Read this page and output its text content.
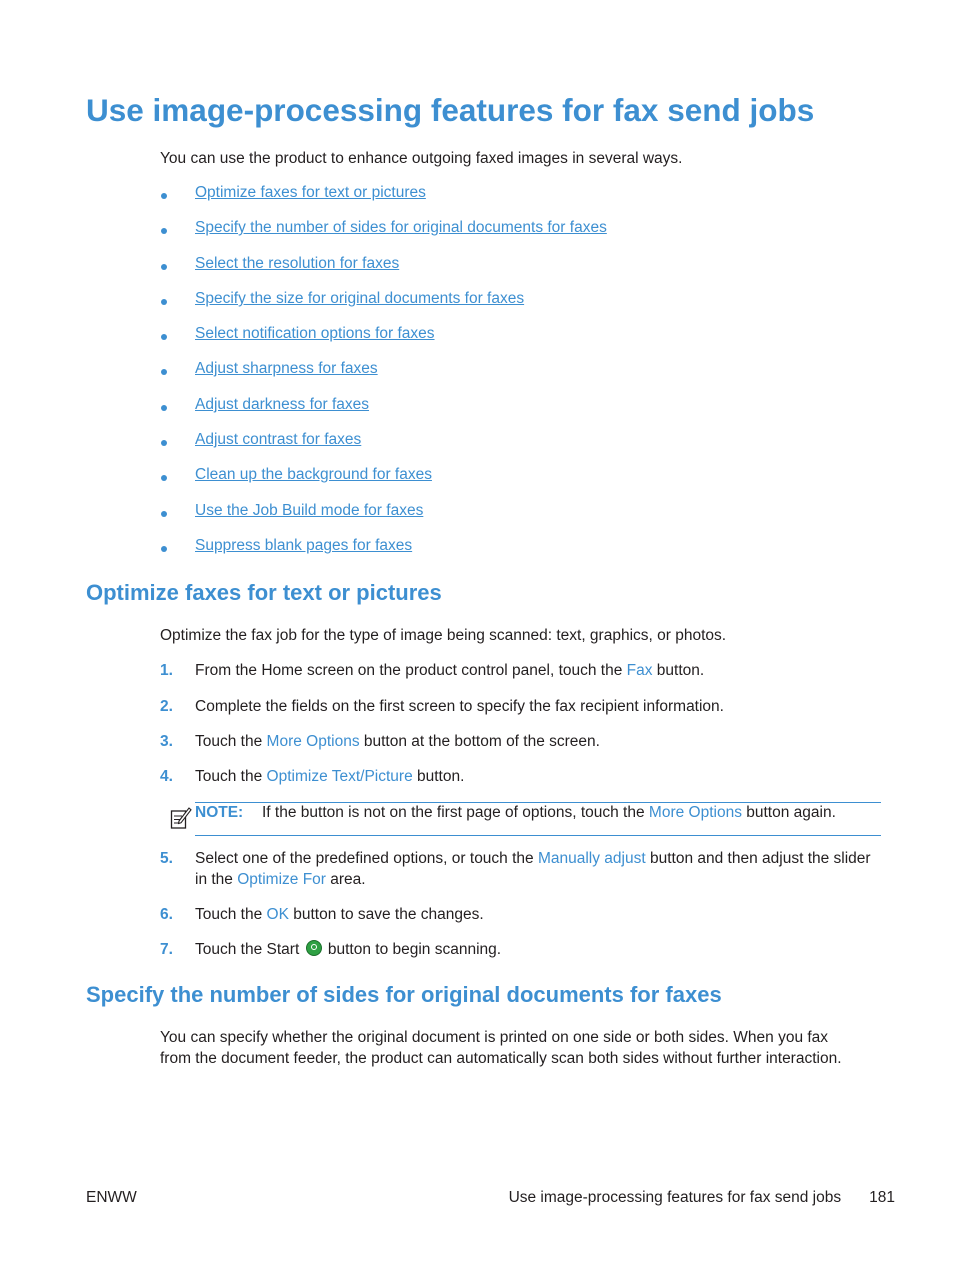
Use image-processing features for fax send jobs

You can use the product to enhance outgoing faxed images in several ways.

Optimize faxes for text or pictures
Specify the number of sides for original documents for faxes
Select the resolution for faxes
Specify the size for original documents for faxes
Select notification options for faxes
Adjust sharpness for faxes
Adjust darkness for faxes
Adjust contrast for faxes
Clean up the background for faxes
Use the Job Build mode for faxes
Suppress blank pages for faxes
Optimize faxes for text or pictures

Optimize the fax job for the type of image being scanned: text, graphics, or photos.

1. From the Home screen on the product control panel, touch the Fax button.
2. Complete the fields on the first screen to specify the fax recipient information.
3. Touch the More Options button at the bottom of the screen.
4. Touch the Optimize Text/Picture button.
NOTE: If the button is not on the first page of options, touch the More Options button again.
5. Select one of the predefined options, or touch the Manually adjust button and then adjust the slider
in the Optimize For area.
6. Touch the OK button to save the changes.
7. Touch the Start  button to begin scanning.
Specify the number of sides for original documents for faxes

You can specify whether the original document is printed on one side or both sides. When you fax

from the document feeder, the product can automatically scan both sides without further interaction.

ENWW	Use image-processing features for fax send jobs 181
